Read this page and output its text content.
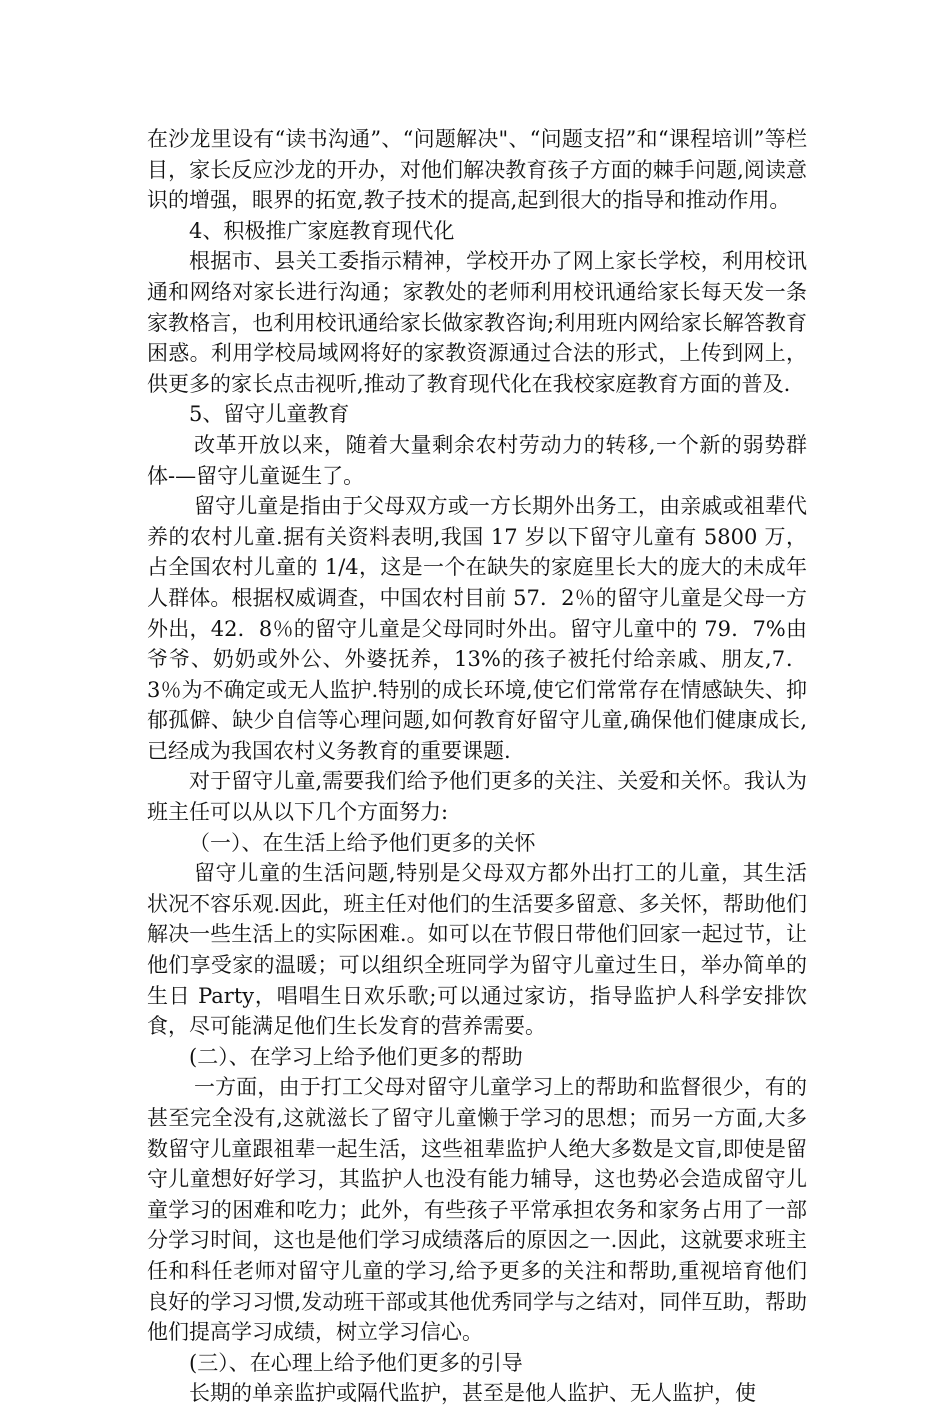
在沙龙里设有“读书沟通”、“问题解决"、“问题支招”和“课程培训”等栏目，家长反应沙龙的开办，对他们解决教育孩子方面的棘手问题,阅读意识的增强，眼界的拓宽,教子技术的提高,起到很大的指导和推动作用。

4、积极推广家庭教育现代化

根据市、县关工委指示精神，学校开办了网上家长学校，利用校讯通和网络对家长进行沟通；家教处的老师利用校讯通给家长每天发一条家教格言，也利用校讯通给家长做家教咨询;利用班内网给家长解答教育困惑。利用学校局域网将好的家教资源通过合法的形式，上传到网上，供更多的家长点击视听,推动了教育现代化在我校家庭教育方面的普及.

5、留守儿童教育

改革开放以来，随着大量剩余农村劳动力的转移,一个新的弱势群体-—留守儿童诞生了。

留守儿童是指由于父母双方或一方长期外出务工，由亲戚或祖辈代养的农村儿童.据有关资料表明,我国 17 岁以下留守儿童有 5800 万，占全国农村儿童的 1/4，这是一个在缺失的家庭里长大的庞大的未成年人群体。根据权威调查，中国农村目前 57．2％的留守儿童是父母一方外出，42．8％的留守儿童是父母同时外出。留守儿童中的 79．7%由爷爷、奶奶或外公、外婆抚养，13%的孩子被托付给亲戚、朋友,7．3％为不确定或无人监护.特别的成长环境,使它们常常存在情感缺失、抑郁孤僻、缺少自信等心理问题,如何教育好留守儿童,确保他们健康成长,已经成为我国农村义务教育的重要课题.

对于留守儿童,需要我们给予他们更多的关注、关爱和关怀。我认为班主任可以从以下几个方面努力:

（一）、在生活上给予他们更多的关怀

留守儿童的生活问题,特别是父母双方都外出打工的儿童，其生活状况不容乐观.因此，班主任对他们的生活要多留意、多关怀，帮助他们解决一些生活上的实际困难.。如可以在节假日带他们回家一起过节，让他们享受家的温暖；可以组织全班同学为留守儿童过生日，举办简单的生日 Party，唱唱生日欢乐歌;可以通过家访，指导监护人科学安排饮食，尽可能满足他们生长发育的营养需要。

(二）、在学习上给予他们更多的帮助

一方面，由于打工父母对留守儿童学习上的帮助和监督很少，有的甚至完全没有,这就滋长了留守儿童懒于学习的思想；而另一方面,大多数留守儿童跟祖辈一起生活，这些祖辈监护人绝大多数是文盲,即使是留守儿童想好好学习，其监护人也没有能力辅导，这也势必会造成留守儿童学习的困难和吃力；此外，有些孩子平常承担农务和家务占用了一部分学习时间，这也是他们学习成绩落后的原因之一.因此，这就要求班主任和科任老师对留守儿童的学习,给予更多的关注和帮助,重视培育他们良好的学习习惯,发动班干部或其他优秀同学与之结对，同伴互助，帮助他们提高学习成绩，树立学习信心。

(三）、在心理上给予他们更多的引导

长期的单亲监护或隔代监护，甚至是他人监护、无人监护，使
